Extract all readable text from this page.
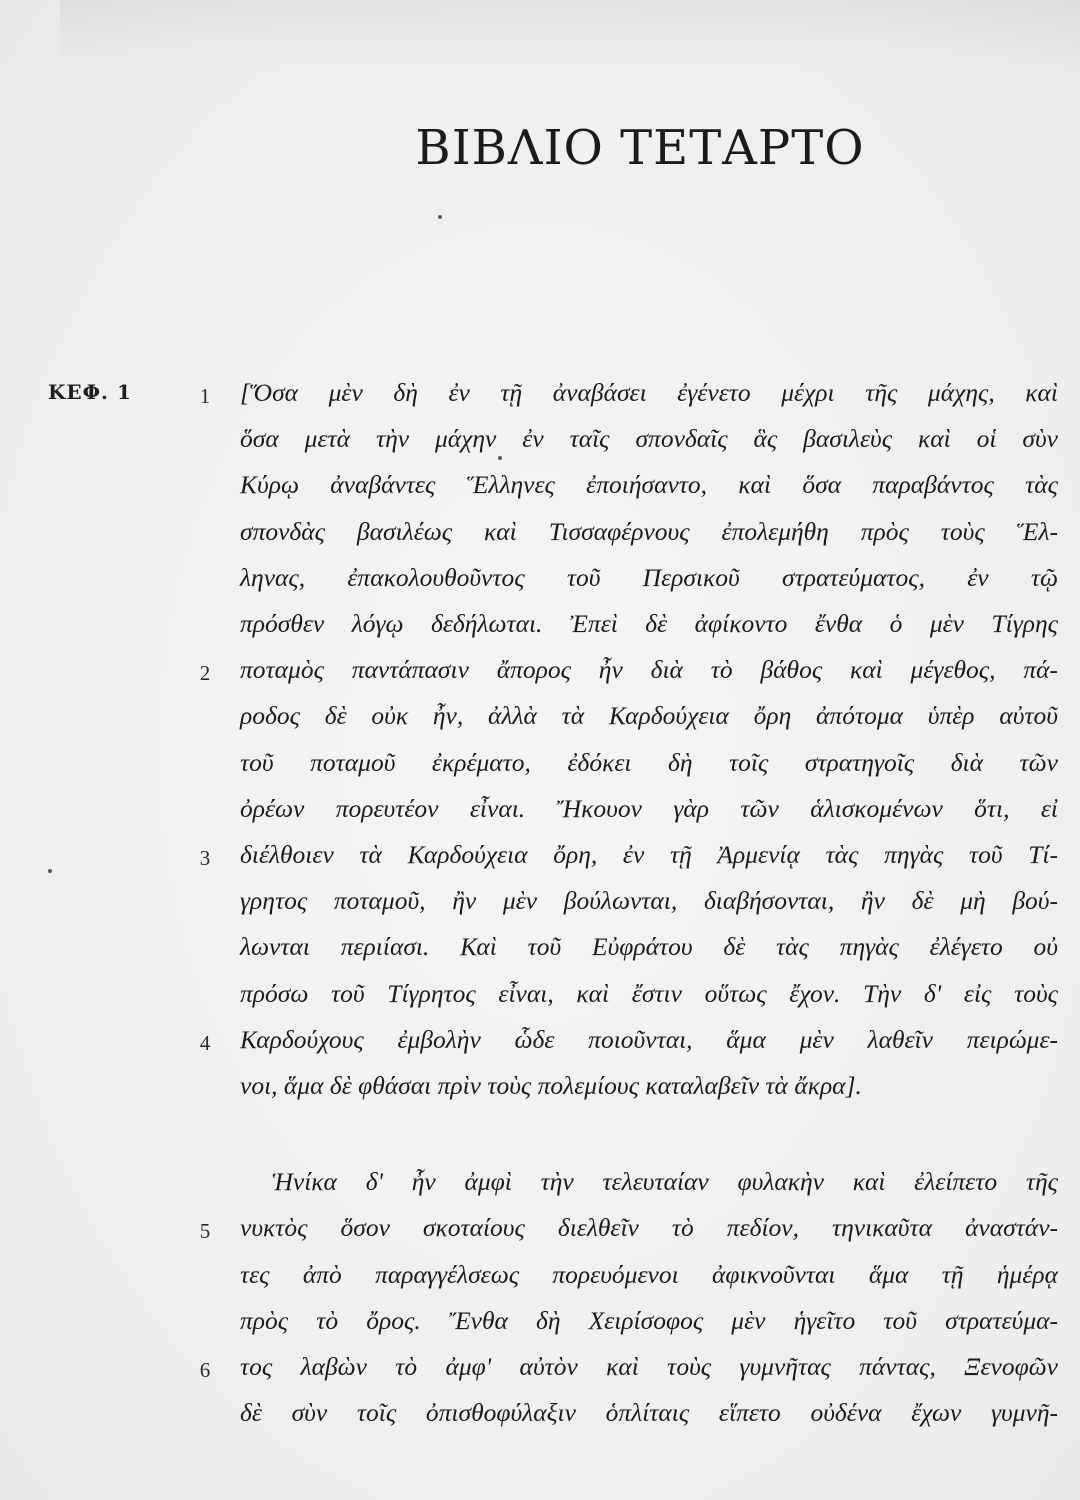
ΒΙΒΛΙΟ ΤΕΤΑΡΤΟ
ΚΕΦ. 1	[Ὅσα μὲν δὴ ἐν τῇ ἀναβάσει ἐγένετο μέχρι τῆς μάχης, καὶ
ὅσα μετὰ τὴν μάχην ἐν ταῖς σπονδαῖς ἃς βασιλεὺς καὶ οἱ σὺν
Κύρῳ ἀναβάντες Ἕλληνες ἐποιήσαντο, καὶ ὅσα παραβάντος τὰς
σπονδὰς βασιλέως καὶ Τισσαφέρνους ἐπολεμήθη πρὸς τοὺς Ἕλ-
ληνας, ἐπακολουθοῦντος τοῦ Περσικοῦ στρατεύματος, ἐν τῷ
πρόσθεν λόγῳ δεδήλωται. Ἐπεὶ δὲ ἀφίκοντο ἔνθα ὁ μὲν Τίγρης
ποταμὸς παντάπασιν ἄπορος ἦν διὰ τὸ βάθος καὶ μέγεθος, πά-
ροδος δὲ οὐκ ἦν, ἀλλὰ τὰ Καρδούχεια ὄρη ἀπότομα ὑπὲρ αὐτοῦ
τοῦ ποταμοῦ ἐκρέματο, ἐδόκει δὴ τοῖς στρατηγοῖς διὰ τῶν
ὀρέων πορευτέον εἶναι. Ἤκουον γὰρ τῶν ἁλισκομένων ὅτι, εἰ
διέλθοιεν τὰ Καρδούχεια ὄρη, ἐν τῇ Ἀρμενίᾳ τὰς πηγὰς τοῦ Τί-
γρητος ποταμοῦ, ἢν μὲν βούλωνται, διαβήσονται, ἢν δὲ μὴ βού-
λωνται περιίασι. Καὶ τοῦ Εὐφράτου δὲ τὰς πηγὰς ἐλέγετο οὐ
πρόσω τοῦ Τίγρητος εἶναι, καὶ ἔστιν οὕτως ἔχον. Τὴν δ' εἰς τοὺς
Καρδούχους ἐμβολὴν ὧδε ποιοῦνται, ἅμα μὲν λαθεῖν πειρώμε-
νοι, ἅμα δὲ φθάσαι πρὶν τοὺς πολεμίους καταλαβεῖν τὰ ἄκρα].
Ἡνίκα δ' ἦν ἀμφὶ τὴν τελευταίαν φυλακὴν καὶ ἐλείπετο τῆς
νυκτὸς ὅσον σκοταίους διελθεῖν τὸ πεδίον, τηνικαῦτα ἀναστάν-
τες ἀπὸ παραγγέλσεως πορευόμενοι ἀφικνοῦνται ἅμα τῇ ἡμέρᾳ
πρὸς τὸ ὄρος. Ἔνθα δὴ Χειρίσοφος μὲν ἡγεῖτο τοῦ στρατεύμα-
τος λαβὼν τὸ ἀμφ' αὐτὸν καὶ τοὺς γυμνῆτας πάντας, Ξενοφῶν
δὲ σὺν τοῖς ὀπισθοφύλαξιν ὁπλίταις εἵπετο οὐδένα ἔχων γυμνῆ-
1
2
3
4
5
6
